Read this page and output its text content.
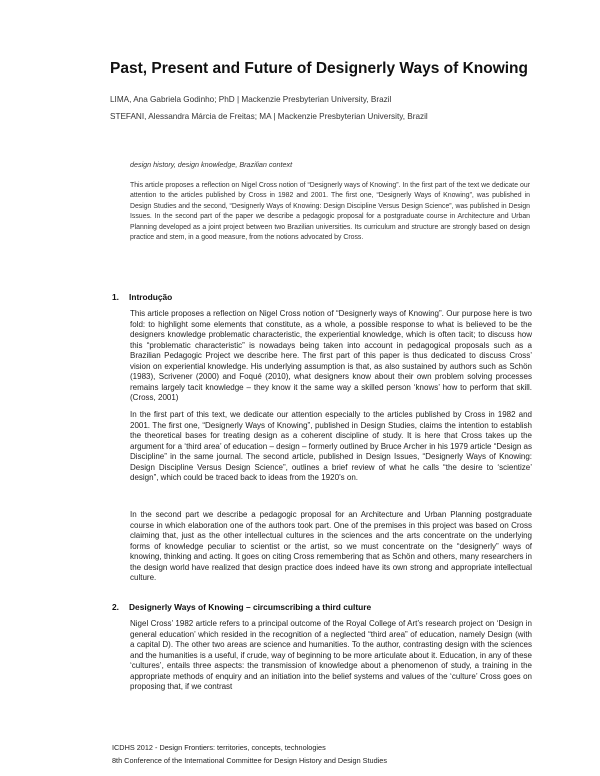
Past, Present and Future of Designerly Ways of Knowing
LIMA, Ana Gabriela Godinho; PhD | Mackenzie Presbyterian University, Brazil
STEFANI, Alessandra Márcia de Freitas; MA | Mackenzie Presbyterian University, Brazil
design history, design knowledge, Brazilian context

This article proposes a reflection on Nigel Cross notion of “Designerly ways of Knowing”. In the first part of the text we dedicate our attention to the articles published by Cross in 1982 and 2001. The first one, “Designerly Ways of Knowing”, was published in Design Studies and the second, “Designerly Ways of Knowing: Design Discipline Versus Design Science”, was published in Design Issues. In the second part of the paper we describe a pedagogic proposal for a postgraduate course in Architecture and Urban Planning developed as a joint project between two Brazilian universities. Its curriculum and structure are strongly based on design practice and stem, in a good measure, from the notions advocated by Cross.

1. Introdução

This article proposes a reflection on Nigel Cross notion of “Designerly ways of Knowing”. Our purpose here is two fold: to highlight some elements that constitute, as a whole, a possible response to what is believed to be the designers knowledge problematic characteristic, the experiential knowledge, which is often tacit; to discuss how this “problematic characteristic” is nowadays being taken into account in pedagogical proposals such as a Brazilian Pedagogic Project we describe here. The first part of this paper is thus dedicated to discuss Cross’ vision on experiential knowledge. His underlying assumption is that, as also sustained by authors such as Schön (1983), Scrivener (2000) and Foqué (2010), what designers know about their own problem solving processes remains largely tacit knowledge – they know it the same way a skilled person ‘knows’ how to perform that skill. (Cross, 2001)

In the first part of this text, we dedicate our attention especially to the articles published by Cross in 1982 and 2001. The first one, “Designerly Ways of Knowing”, published in Design Studies, claims the intention to establish the theoretical bases for treating design as a coherent discipline of study. It is here that Cross takes up the argument for a ‘third area’ of education – design – formerly outlined by Bruce Archer in his 1979 article “Design as Discipline” in the same journal. The second article, published in Design Issues, “Designerly Ways of Knowing: Design Discipline Versus Design Science”, outlines a brief review of what he calls “the desire to ‘scientize’ design”, which could be traced back to ideas from the 1920’s on.

In the second part we describe a pedagogic proposal for an Architecture and Urban Planning postgraduate course in which elaboration one of the authors took part. One of the premises in this project was based on Cross claiming that, just as the other intellectual cultures in the sciences and the arts concentrate on the underlying forms of knowledge peculiar to scientist or the artist, so we must concentrate on the “designerly” ways of knowing, thinking and acting. It goes on citing Cross remembering that as Schön and others, many researchers in the design world have realized that design practice does indeed have its own strong and appropriate intellectual culture.

2. Designerly Ways of Knowing – circumscribing a third culture

Nigel Cross’ 1982 article refers to a principal outcome of the Royal College of Art’s research project on ‘Design in general education’ which resided in the recognition of a neglected “third area” of education, namely Design (with a capital D). The other two areas are science and humanities. To the author, contrasting design with the sciences and the humanities is a useful, if crude, way of beginning to be more articulate about it. Education, in any of these ‘cultures’, entails three aspects: the transmission of knowledge about a phenomenon of study, a training in the appropriate methods of enquiry and an initiation into the belief systems and values of the ‘culture’ Cross goes on proposing that, if we contrast

ICDHS 2012 - Design Frontiers: territories, concepts, technologies
8th Conference of the International Committee for Design History and Design Studies
